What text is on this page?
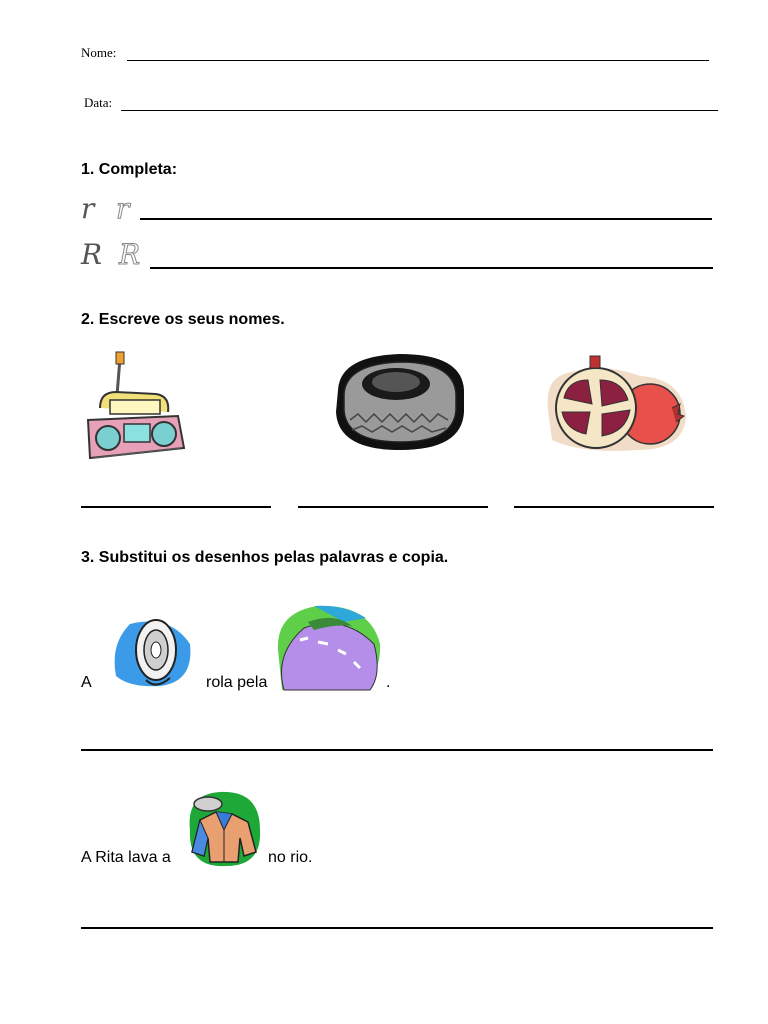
Nome:
Data:
1. Completa:
r r
R R
2. Escreve os seus nomes.
3. Substitui os desenhos pelas palavras e copia.
A	rola pela	.
A Rita lava a	no rio.
